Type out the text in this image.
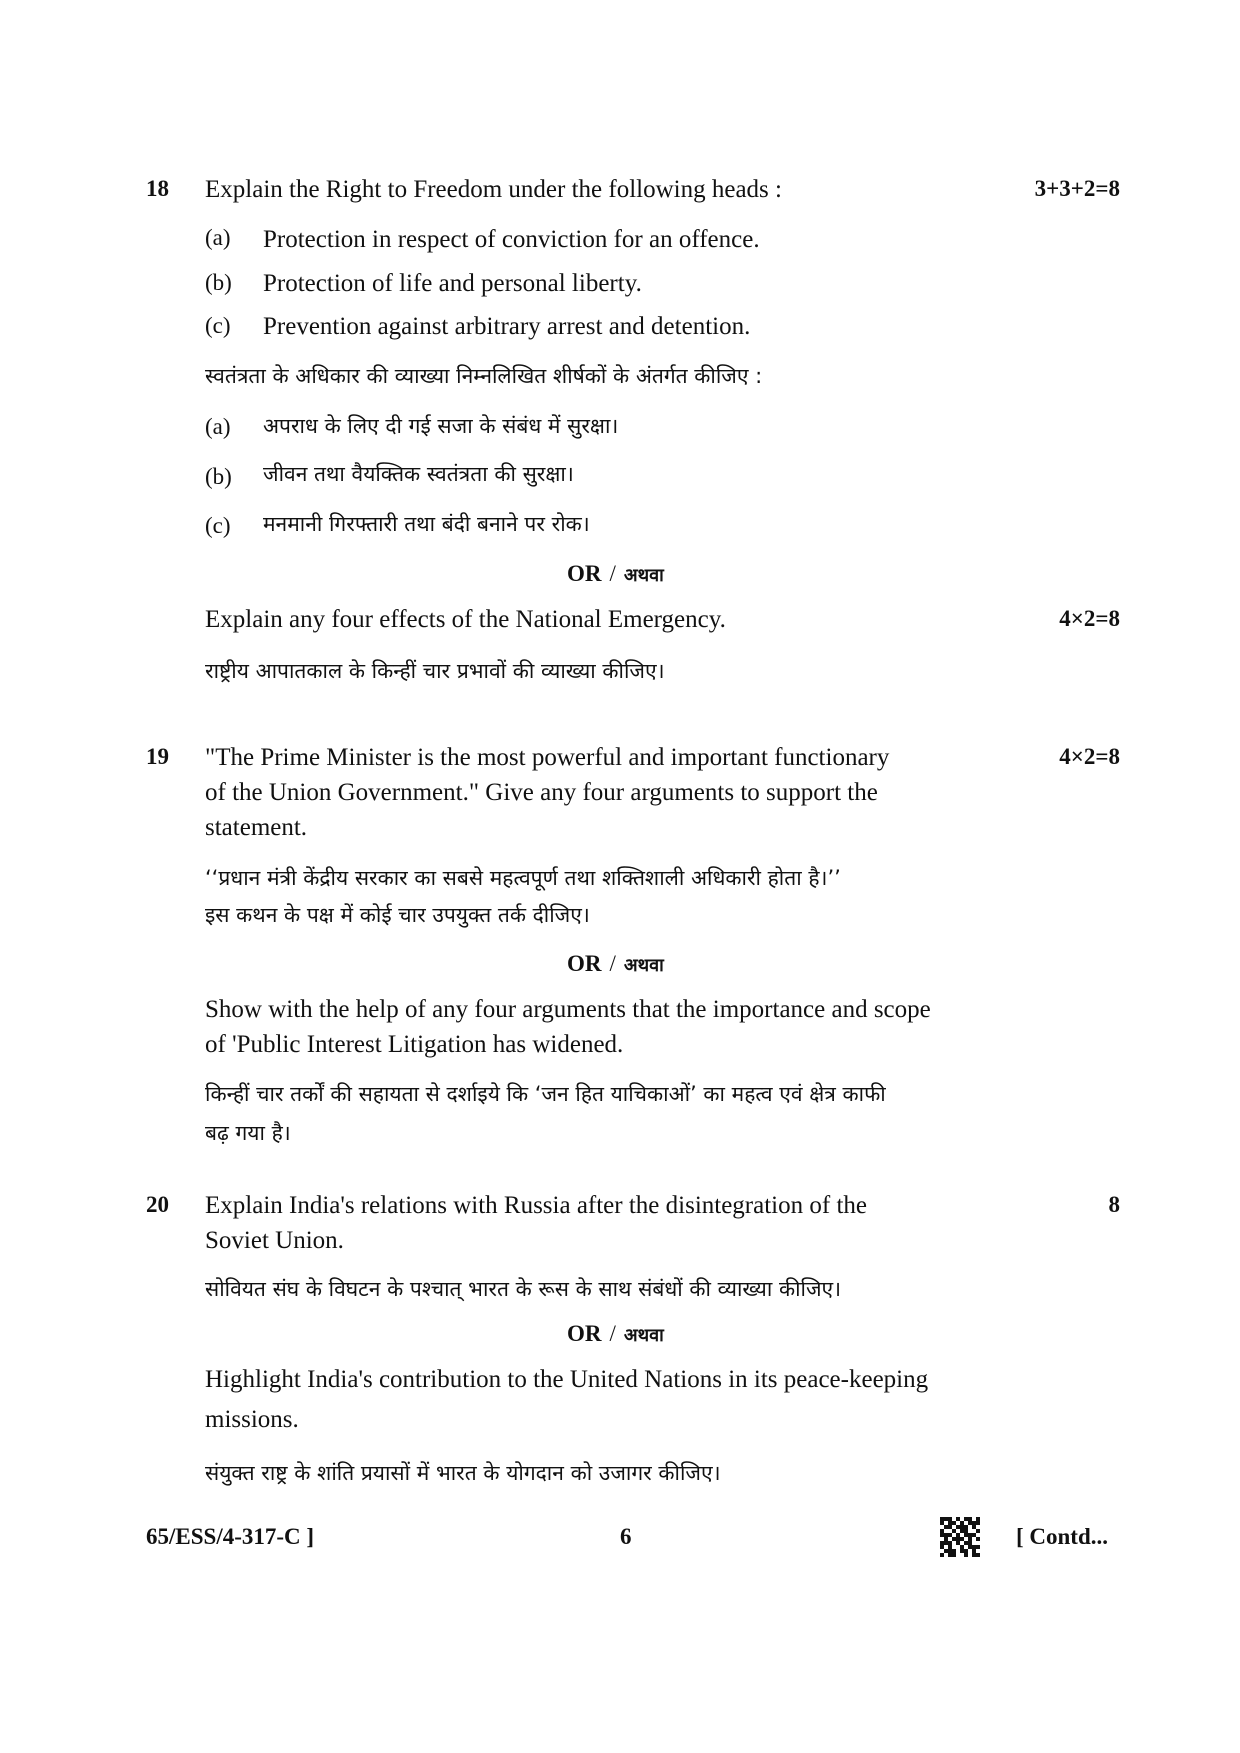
18 Explain the Right to Freedom under the following heads :	3+3+2=8
(a) Protection in respect of conviction for an offence.
(b) Protection of life and personal liberty.
(c) Prevention against arbitrary arrest and detention.
स्वतंत्रता के अधिकार की व्याख्या निम्नलिखित शीर्षकों के अंतर्गत कीजिए :
(a) अपराध के लिए दी गई सजा के संबंध में सुरक्षा।
(b) जीवन तथा वैयक्तिक स्वतंत्रता की सुरक्षा।
(c) मनमानी गिरफ्तारी तथा बंदी बनाने पर रोक।
OR / अथवा
Explain any four effects of the National Emergency.	4×2=8
राष्ट्रीय आपातकाल के किन्हीं चार प्रभावों की व्याख्या कीजिए।
19 "The Prime Minister is the most powerful and important functionary
of the Union Government." Give any four arguments to support the
statement.
4×2=8
‘‘प्रधान मंत्री केंद्रीय सरकार का सबसे महत्वपूर्ण तथा शक्तिशाली अधिकारी होता है।’’
इस कथन के पक्ष में कोई चार उपयुक्त तर्क दीजिए।
OR / अथवा
Show with the help of any four arguments that the importance and scope
of 'Public Interest Litigation has widened.
किन्हीं चार तर्कों की सहायता से दर्शाइये कि ‘जन हित याचिकाओं’ का महत्व एवं क्षेत्र काफी
बढ़ गया है।
20 Explain India's relations with Russia after the disintegration of the
Soviet Union.
8
सोवियत संघ के विघटन के पश्चात् भारत के रूस के साथ संबंधों की व्याख्या कीजिए।
OR / अथवा
Highlight India's contribution to the United Nations in its peace-keeping
missions.
संयुक्त राष्ट्र के शांति प्रयासों में भारत के योगदान को उजागर कीजिए।
65/ESS/4-317-C ]	6	[ Contd...
